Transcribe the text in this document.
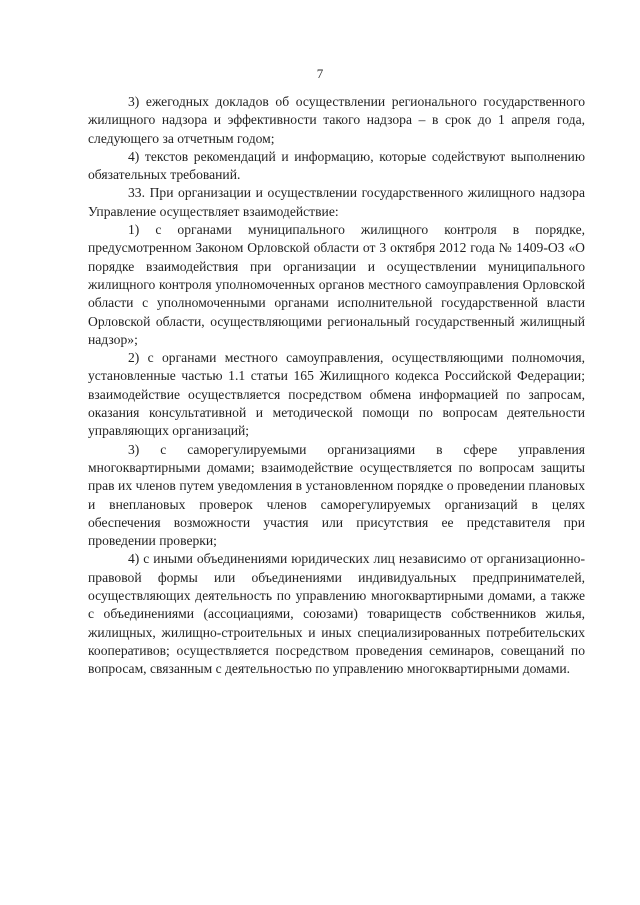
7

3) ежегодных докладов об осуществлении регионального государственного жилищного надзора и эффективности такого надзора – в срок до 1 апреля года, следующего за отчетным годом;

4) текстов рекомендаций и информацию, которые содействуют выполнению обязательных требований.

33. При организации и осуществлении государственного жилищного надзора Управление осуществляет взаимодействие:

1) с органами муниципального жилищного контроля в порядке, предусмотренном Законом Орловской области от 3 октября 2012 года № 1409-ОЗ «О порядке взаимодействия при организации и осуществлении муниципального жилищного контроля уполномоченных органов местного самоуправления Орловской области с уполномоченными органами исполнительной государственной власти Орловской области, осуществляющими региональный государственный жилищный надзор»;

2) с органами местного самоуправления, осуществляющими полномочия, установленные частью 1.1 статьи 165 Жилищного кодекса Российской Федерации; взаимодействие осуществляется посредством обмена информацией по запросам, оказания консультативной и методической помощи по вопросам деятельности управляющих организаций;

3) с саморегулируемыми организациями в сфере управления многоквартирными домами; взаимодействие осуществляется по вопросам защиты прав их членов путем уведомления в установленном порядке о проведении плановых и внеплановых проверок членов саморегулируемых организаций в целях обеспечения возможности участия или присутствия ее представителя при проведении проверки;

4) с иными объединениями юридических лиц независимо от организационно-правовой формы или объединениями индивидуальных предпринимателей, осуществляющих деятельность по управлению многоквартирными домами, а также с объединениями (ассоциациями, союзами) товариществ собственников жилья, жилищных, жилищно-строительных и иных специализированных потребительских кооперативов; осуществляется посредством проведения семинаров, совещаний по вопросам, связанным с деятельностью по управлению многоквартирными домами.
